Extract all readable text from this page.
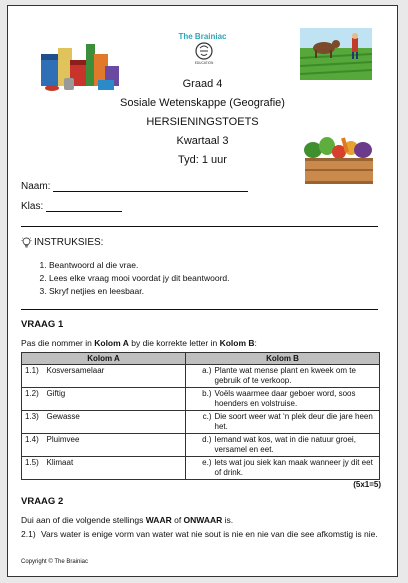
The Brainiac
EDUCATION
Graad 4
Sosiale Wetenskappe (Geografie)
HERSIENINGSTOETS
Kwartaal 3
Tyd: 1 uur
Naam:
Klas:
INSTRUKSIES:
1. Beantwoord al die vrae.
2. Lees elke vraag mooi voordat jy dit beantwoord.
3. Skryf netjies en leesbaar.
VRAAG 1
Pas die nommer in Kolom A by die korrekte letter in Kolom B:
Kolom A		Kolom B	
1.1)	Kosversamelaar	a.)	Plante wat mense plant en kweek om te gebruik of te verkoop.
1.2)	Giftig	b.)	Voëls waarmee daar geboer word, soos hoenders en volstruise.
1.3)	Gewasse	c.)	Die soort weer wat ‘n plek deur die jare heen het.
1.4)	Pluimvee	d.)	Iemand wat kos, wat in die natuur groei, versamel en eet.
1.5)	Klimaat	e.)	lets wat jou siek kan maak wanneer jy dit eet of drink.
(5x1=5)
VRAAG 2
Dui aan of die volgende stellings WAAR of ONWAAR is.
2.1) Vars water is enige vorm van water wat nie sout is nie en nie van die see afkomstig is nie.
Copyright © The Brainiac
